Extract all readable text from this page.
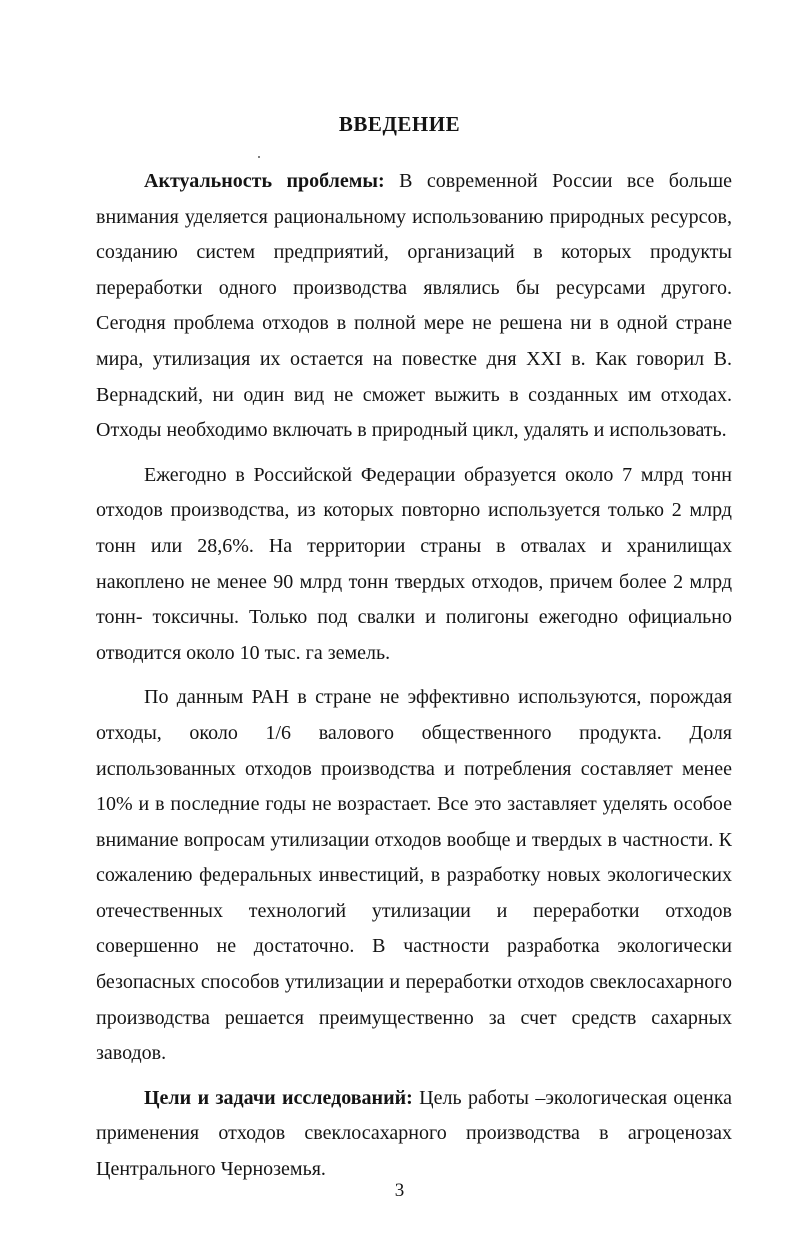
ВВЕДЕНИЕ

Актуальность проблемы: В современной России все больше внимания уделяется рациональному использованию природных ресурсов, созданию систем предприятий, организаций в которых продукты переработки одного производства являлись бы ресурсами другого. Сегодня проблема отходов в полной мере не решена ни в одной стране мира, утилизация их остается на повестке дня XXI в. Как говорил В. Вернадский, ни один вид не сможет выжить в созданных им отходах. Отходы необходимо включать в природный цикл, удалять и использовать.

Ежегодно в Российской Федерации образуется около 7 млрд тонн отходов производства, из которых повторно используется только 2 млрд тонн или 28,6%. На территории страны в отвалах и хранилищах накоплено не менее 90 млрд тонн твердых отходов, причем более 2 млрд тонн- токсичны. Только под свалки и полигоны ежегодно официально отводится около 10 тыс. га земель.

По данным РАН в стране не эффективно используются, порождая отходы, около 1/6 валового общественного продукта. Доля использованных отходов производства и потребления составляет менее 10% и в последние годы не возрастает. Все это заставляет уделять особое внимание вопросам утилизации отходов вообще и твердых в частности. К сожалению федеральных инвестиций, в разработку новых экологических отечественных технологий утилизации и переработки отходов совершенно не достаточно. В частности разработка экологически безопасных способов утилизации и переработки отходов свеклосахарного производства решается преимущественно за счет средств сахарных заводов.

Цели и задачи исследований: Цель работы –экологическая оценка применения отходов свеклосахарного производства в агроценозах Центрального Черноземья.

3
